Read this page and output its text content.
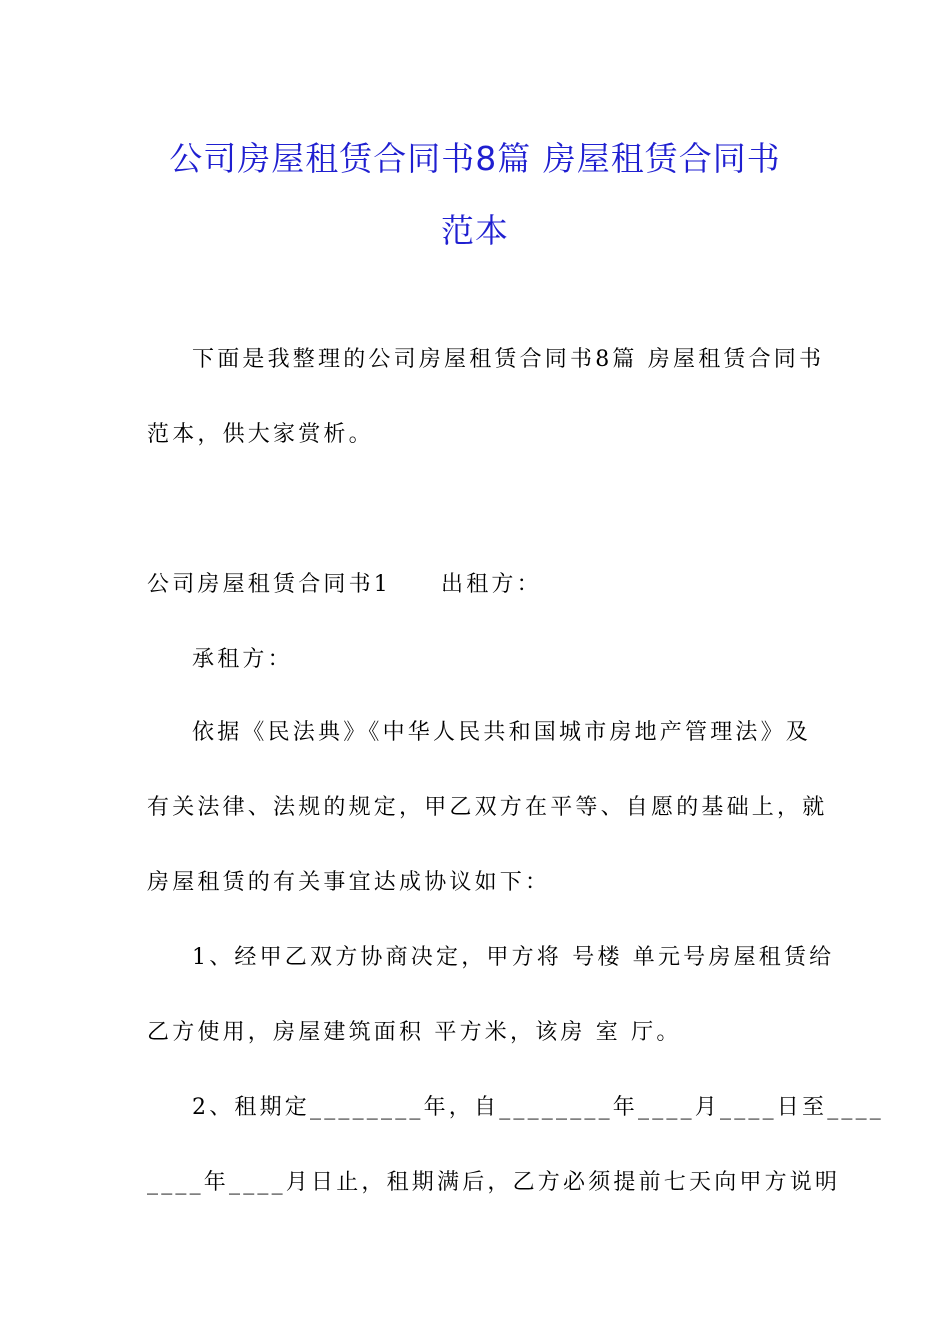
公司房屋租赁合同书8篇 房屋租赁合同书
范本
下面是我整理的公司房屋租赁合同书8篇 房屋租赁合同书
范本，供大家赏析。
公司房屋租赁合同书1 出租方：
承租方：
依据《民法典》《中华人民共和国城市房地产管理法》及
有关法律、法规的规定，甲乙双方在平等、自愿的基础上，就
房屋租赁的有关事宜达成协议如下：
1、经甲乙双方协商决定，甲方将 号楼 单元号房屋租赁给
乙方使用，房屋建筑面积 平方米，该房 室 厅。
2、租期定________年，自________年____月____日至____
____年____月日止，租期满后，乙方必须提前七天向甲方说明
